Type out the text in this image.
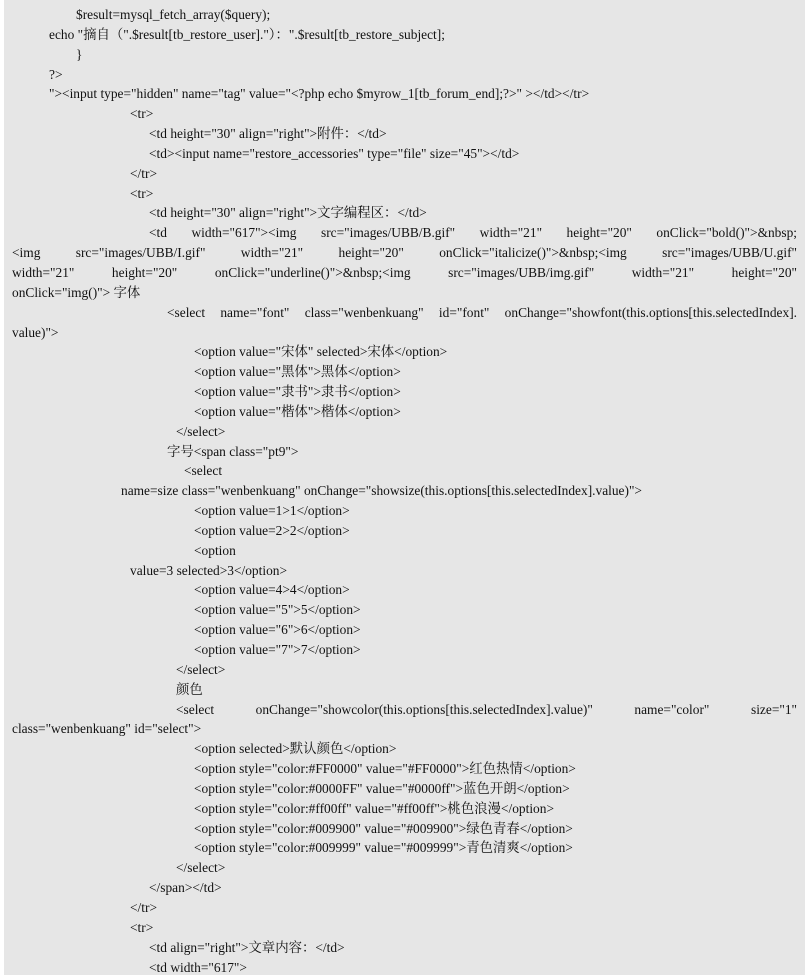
$result=mysql_fetch_array($query);
echo "摘自（".$result[tb_restore_user]."）：".$result[tb_restore_subject];
}
?>
"><input type="hidden" name="tag" value="<?php echo $myrow_1[tb_forum_end];?>" ></td></tr>
<tr>
<td height="30" align="right">附件：</td>
<td><input name="restore_accessories" type="file" size="45"></td>
</tr>
<tr>
<td height="30" align="right">文字编程区：</td>
<td width="617"><img src="images/UBB/B.gif" width="21" height="20" onClick="bold()">&nbsp;
<img src="images/UBB/I.gif" width="21" height="20" onClick="italicize()">&nbsp;<img src="images/UBB/U.gif"
width="21" height="20" onClick="underline()">&nbsp;<img src="images/UBB/img.gif" width="21" height="20"
onClick="img()"> 字体
<select name="font" class="wenbenkuang" id="font" onChange="showfont(this.options[this.selectedIndex].
value)">
<option value="宋体" selected>宋体</option>
<option value="黑体">黑体</option>
<option value="隶书">隶书</option>
<option value="楷体">楷体</option>
</select>
字号<span class="pt9">
<select
name=size class="wenbenkuang" onChange="showsize(this.options[this.selectedIndex].value)">
<option value=1>1</option>
<option value=2>2</option>
<option
value=3 selected>3</option>
<option value=4>4</option>
<option value="5">5</option>
<option value="6">6</option>
<option value="7">7</option>
</select>
颜色
<select onChange="showcolor(this.options[this.selectedIndex].value)" name="color" size="1"
class="wenbenkuang" id="select">
<option selected>默认颜色</option>
<option style="color:#FF0000" value="#FF0000">红色热情</option>
<option style="color:#0000FF" value="#0000ff">蓝色开朗</option>
<option style="color:#ff00ff" value="#ff00ff">桃色浪漫</option>
<option style="color:#009900" value="#009900">绿色青春</option>
<option style="color:#009999" value="#009999">青色清爽</option>
</select>
</span></td>
</tr>
<tr>
<td align="right">文章内容：</td>
<td width="617">
